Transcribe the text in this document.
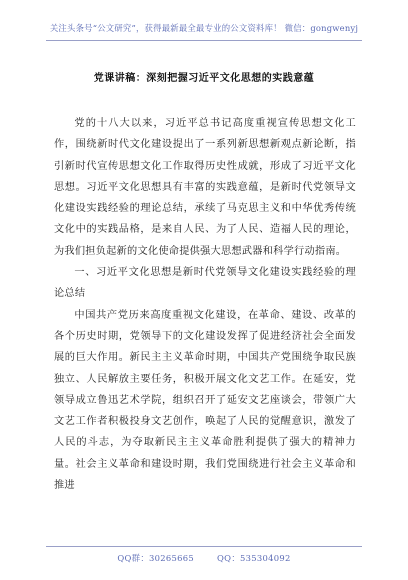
关注头条号“公文研究”，获得最新最全最专业的公文资料库！ 微信：gongwenyj
党课讲稿：深刻把握习近平文化思想的实践意蕴

党的十八大以来，习近平总书记高度重视宣传思想文化工作，围绕新时代文化建设提出了一系列新思想新观点新论断，指引新时代宣传思想文化工作取得历史性成就，形成了习近平文化思想。习近平文化思想具有丰富的实践意蕴，是新时代党领导文化建设实践经验的理论总结，承续了马克思主义和中华优秀传统文化中的实践品格，是来自人民、为了人民、造福人民的理论，为我们担负起新的文化使命提供强大思想武器和科学行动指南。

一、习近平文化思想是新时代党领导文化建设实践经验的理论总结

中国共产党历来高度重视文化建设，在革命、建设、改革的各个历史时期，党领导下的文化建设发挥了促进经济社会全面发展的巨大作用。新民主主义革命时期，中国共产党围绕争取民族独立、人民解放主要任务，积极开展文化文艺工作。在延安，党领导成立鲁迅艺术学院，组织召开了延安文艺座谈会，带领广大文艺工作者积极投身文艺创作，唤起了人民的觉醒意识，激发了人民的斗志，为夺取新民主主义革命胜利提供了强大的精神力量。社会主义革命和建设时期，我们党围绕进行社会主义革命和推进

QQ群：30265665	QQ：535304092
